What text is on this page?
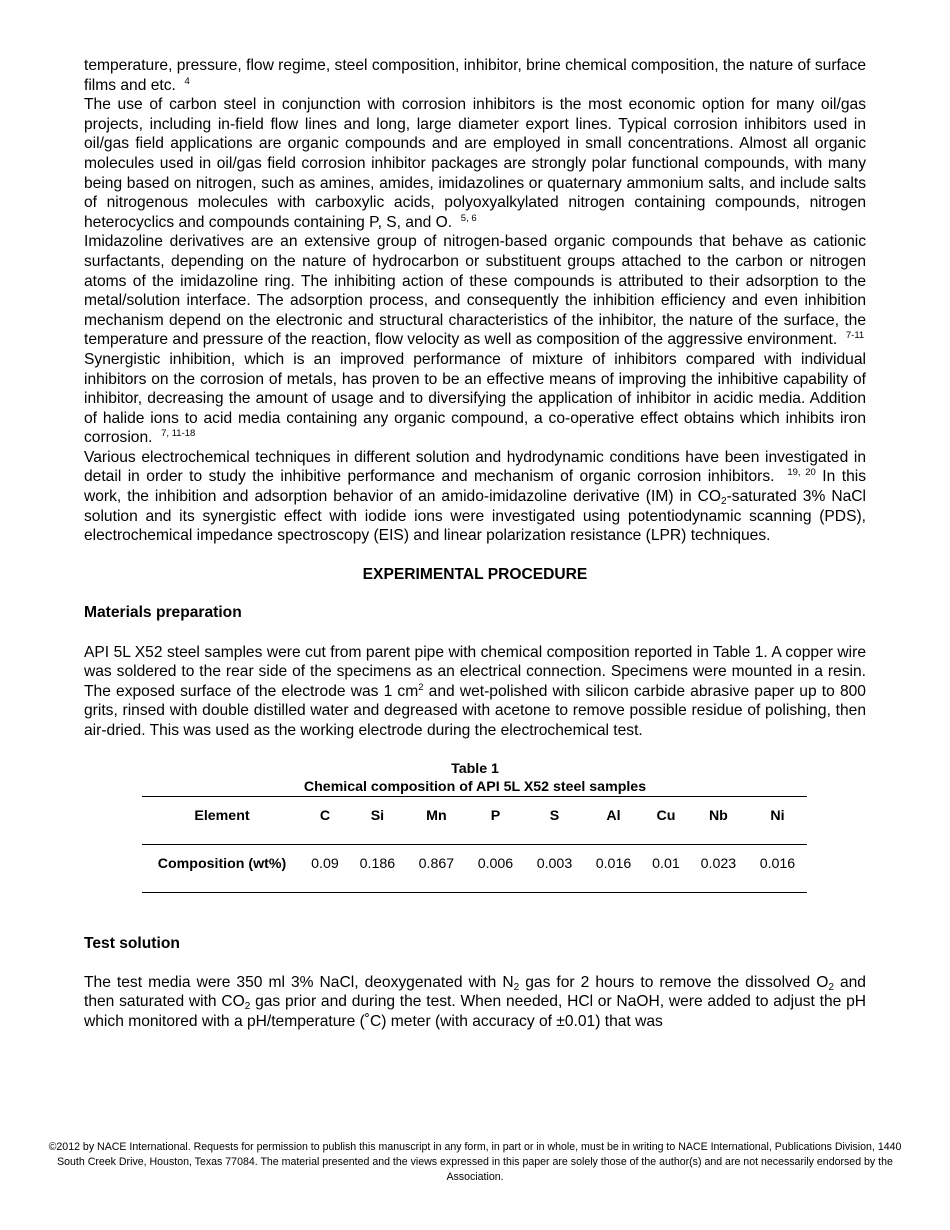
temperature, pressure, flow regime, steel composition, inhibitor, brine chemical composition, the nature of surface films and etc. $^4$

The use of carbon steel in conjunction with corrosion inhibitors is the most economic option for many oil/gas projects, including in-field flow lines and long, large diameter export lines. Typical corrosion inhibitors used in oil/gas field applications are organic compounds and are employed in small concentrations. Almost all organic molecules used in oil/gas field corrosion inhibitor packages are strongly polar functional compounds, with many being based on nitrogen, such as amines, amides, imidazolines or quaternary ammonium salts, and include salts of nitrogenous molecules with carboxylic acids, polyoxyalkylated nitrogen containing compounds, nitrogen heterocyclics and compounds containing P, S, and O. $^{5, 6}$

Imidazoline derivatives are an extensive group of nitrogen-based organic compounds that behave as cationic surfactants, depending on the nature of hydrocarbon or substituent groups attached to the carbon or nitrogen atoms of the imidazoline ring. The inhibiting action of these compounds is attributed to their adsorption to the metal/solution interface. The adsorption process, and consequently the inhibition efficiency and even inhibition mechanism depend on the electronic and structural characteristics of the inhibitor, the nature of the surface, the temperature and pressure of the reaction, flow velocity as well as composition of the aggressive environment. $^{7-11}$

Synergistic inhibition, which is an improved performance of mixture of inhibitors compared with individual inhibitors on the corrosion of metals, has proven to be an effective means of improving the inhibitive capability of inhibitor, decreasing the amount of usage and to diversifying the application of inhibitor in acidic media. Addition of halide ions to acid media containing any organic compound, a co-operative effect obtains which inhibits iron corrosion. $^{7, 11-18}$

Various electrochemical techniques in different solution and hydrodynamic conditions have been investigated in detail in order to study the inhibitive performance and mechanism of organic corrosion inhibitors. $^{19, 20}$ In this work, the inhibition and adsorption behavior of an amido-imidazoline derivative (IM) in $CO_2$-saturated 3% NaCl solution and its synergistic effect with iodide ions were investigated using potentiodynamic scanning (PDS), electrochemical impedance spectroscopy (EIS) and linear polarization resistance (LPR) techniques.

EXPERIMENTAL PROCEDURE
Materials preparation

API 5L X52 steel samples were cut from parent pipe with chemical composition reported in Table 1. A copper wire was soldered to the rear side of the specimens as an electrical connection. Specimens were mounted in a resin. The exposed surface of the electrode was 1 $cm^2$ and wet-polished with silicon carbide abrasive paper up to 800 grits, rinsed with double distilled water and degreased with acetone to remove possible residue of polishing, then air-dried. This was used as the working electrode during the electrochemical test.

Table 1
Chemical composition of API 5L X52 steel samples
Element	C	Si	Mn	P	S	Al	Cu	Nb	Ni
Composition (wt%)	0.09	0.186	0.867	0.006	0.003	0.016	0.01	0.023	0.016
Test solution

The test media were 350 ml 3% NaCl, deoxygenated with $N_2$ gas for 2 hours to remove the dissolved $O_2$ and then saturated with $CO_2$ gas prior and during the test. When needed, HCl or NaOH, were added to adjust the pH which monitored with a pH/temperature (˚C) meter (with accuracy of ±0.01) that was

©2012 by NACE International. Requests for permission to publish this manuscript in any form, in part or in whole, must be in writing to NACE International, Publications Division, 1440 South Creek Drive, Houston, Texas 77084. The material presented and the views expressed in this paper are solely those of the author(s) and are not necessarily endorsed by the Association.
